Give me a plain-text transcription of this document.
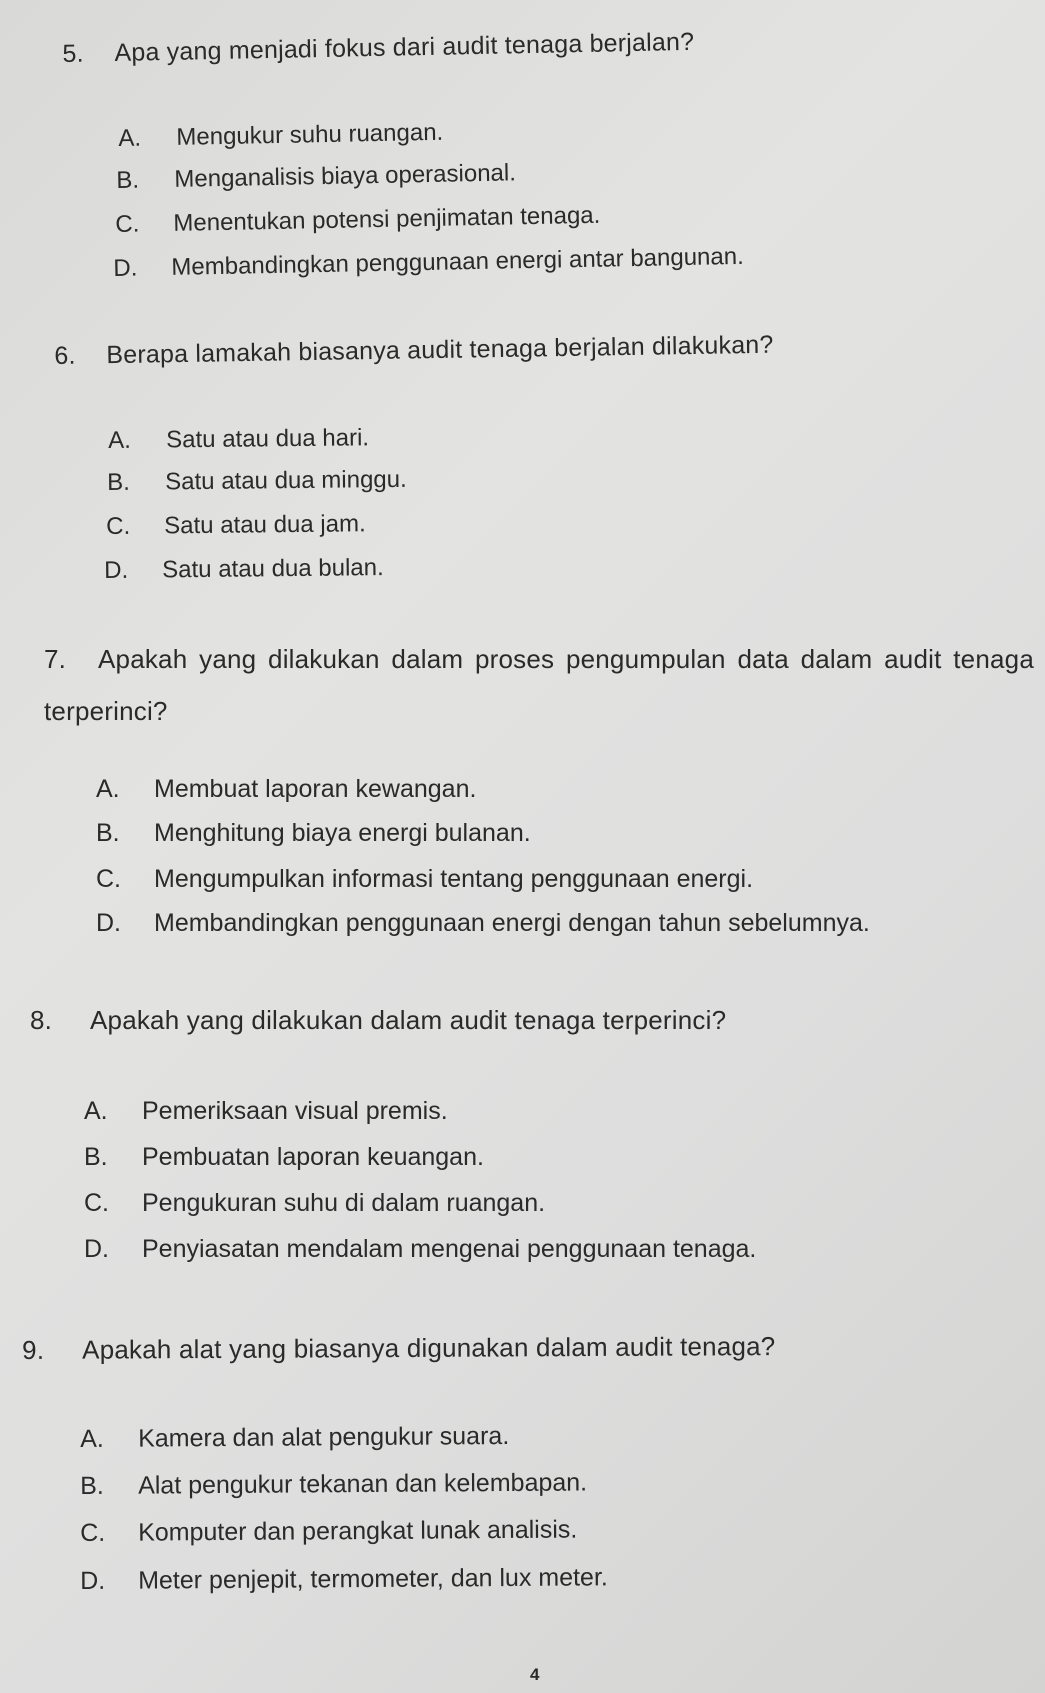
5. Apa yang menjadi fokus dari audit tenaga berjalan?
A. Mengukur suhu ruangan.
B. Menganalisis biaya operasional.
C. Menentukan potensi penjimatan tenaga.
D. Membandingkan penggunaan energi antar bangunan.
6. Berapa lamakah biasanya audit tenaga berjalan dilakukan?
A. Satu atau dua hari.
B. Satu atau dua minggu.
C. Satu atau dua jam.
D. Satu atau dua bulan.
7. Apakah yang dilakukan dalam proses pengumpulan data dalam audit tenaga terperinci?
A. Membuat laporan kewangan.
B. Menghitung biaya energi bulanan.
C. Mengumpulkan informasi tentang penggunaan energi.
D. Membandingkan penggunaan energi dengan tahun sebelumnya.
8. Apakah yang dilakukan dalam audit tenaga terperinci?
A. Pemeriksaan visual premis.
B. Pembuatan laporan keuangan.
C. Pengukuran suhu di dalam ruangan.
D. Penyiasatan mendalam mengenai penggunaan tenaga.
9. Apakah alat yang biasanya digunakan dalam audit tenaga?
A. Kamera dan alat pengukur suara.
B. Alat pengukur tekanan dan kelembapan.
C. Komputer dan perangkat lunak analisis.
D. Meter penjepit, termometer, dan lux meter.
4
